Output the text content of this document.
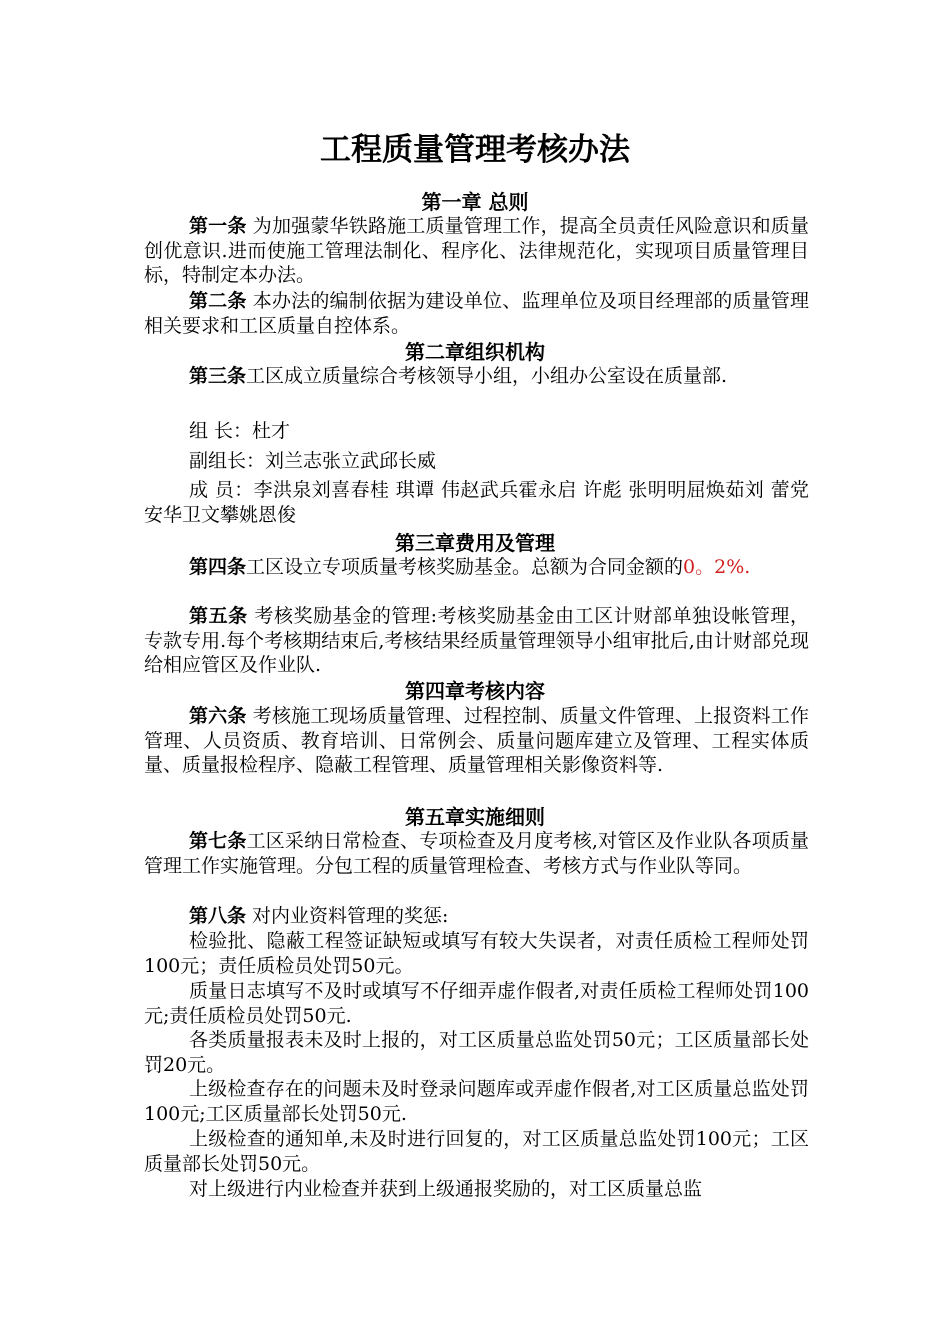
工程质量管理考核办法
第一章 总则
第一条 为加强蒙华铁路施工质量管理工作，提高全员责任风险意识和质量创优意识.进而使施工管理法制化、程序化、法律规范化，实现项目质量管理目标，特制定本办法。
第二条 本办法的编制依据为建设单位、监理单位及项目经理部的质量管理相关要求和工区质量自控体系。
第二章组织机构
第三条工区成立质量综合考核领导小组，小组办公室设在质量部.
组 长：杜才
副组长：刘兰志张立武邱长威
成 员：李洪泉刘喜春桂 琪谭 伟赵武兵霍永启 许彪 张明明屈焕茹刘 蕾党安华卫文攀姚恩俊
第三章费用及管理
第四条工区设立专项质量考核奖励基金。总额为合同金额的0。2%.
第五条 考核奖励基金的管理:考核奖励基金由工区计财部单独设帐管理，专款专用.每个考核期结束后,考核结果经质量管理领导小组审批后,由计财部兑现给相应管区及作业队.
第四章考核内容
第六条 考核施工现场质量管理、过程控制、质量文件管理、上报资料工作管理、人员资质、教育培训、日常例会、质量问题库建立及管理、工程实体质量、质量报检程序、隐蔽工程管理、质量管理相关影像资料等.
第五章实施细则
第七条工区采纳日常检查、专项检查及月度考核,对管区及作业队各项质量管理工作实施管理。分包工程的质量管理检查、考核方式与作业队等同。
第八条 对内业资料管理的奖惩:
检验批、隐蔽工程签证缺短或填写有较大失误者，对责任质检工程师处罚100元；责任质检员处罚50元。
质量日志填写不及时或填写不仔细弄虚作假者,对责任质检工程师处罚100元;责任质检员处罚50元.
各类质量报表未及时上报的，对工区质量总监处罚50元；工区质量部长处罚20元。
上级检查存在的问题未及时登录问题库或弄虚作假者,对工区质量总监处罚100元;工区质量部长处罚50元.
上级检查的通知单,未及时进行回复的，对工区质量总监处罚100元；工区质量部长处罚50元。
对上级进行内业检查并获到上级通报奖励的，对工区质量总监
